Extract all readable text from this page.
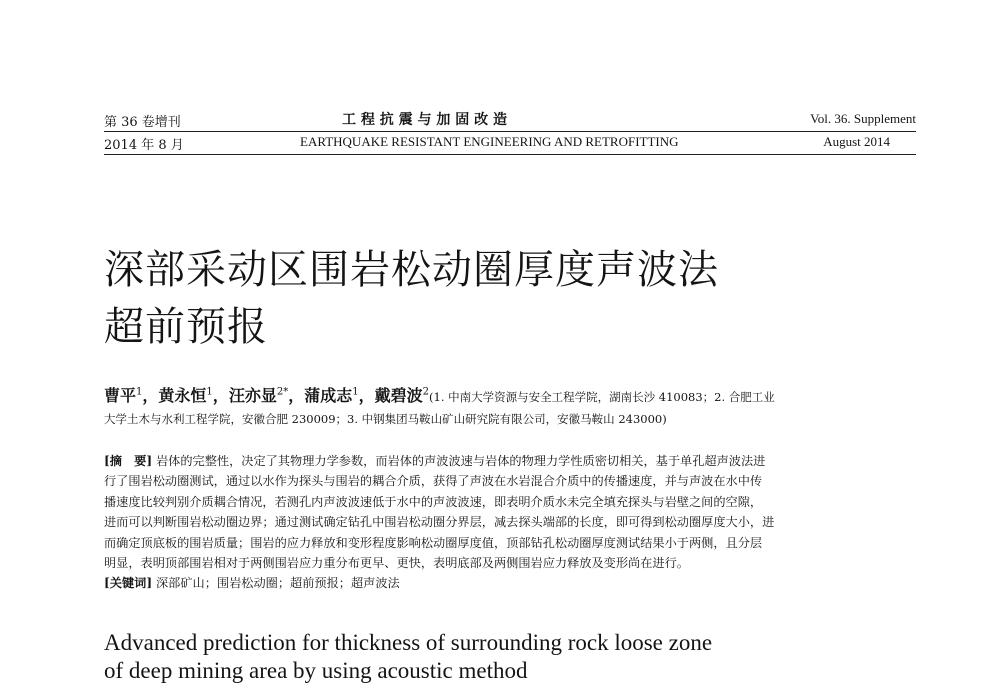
第 36 卷增刊
2014 年 8 月
工 程 抗 震 与 加 固 改 造
EARTHQUAKE RESISTANT ENGINEERING AND RETROFITTING
Vol. 36. Supplement
August 2014
深部采动区围岩松动圈厚度声波法
超前预报
曹平$^1$，黄永恒$^1$，汪亦显$^{2*}$，蒲成志$^1$，戴碧波$^2$(1. 中南大学资源与安全工程学院，湖南长沙 410083；2. 合肥工业
大学土木与水利工程学院，安徽合肥 230009；3. 中钢集团马鞍山矿山研究院有限公司，安徽马鞍山 243000)
[摘　要] 岩体的完整性，决定了其物理力学参数，而岩体的声波波速与岩体的物理力学性质密切相关，基于单孔超声波法进
行了围岩松动圈测试，通过以水作为探头与围岩的耦合介质，获得了声波在水岩混合介质中的传播速度，并与声波在水中传
播速度比较判别介质耦合情况，若测孔内声波波速低于水中的声波波速，即表明介质水未完全填充探头与岩壁之间的空隙，
进而可以判断围岩松动圈边界；通过测试确定钻孔中围岩松动圈分界层，减去探头端部的长度，即可得到松动圈厚度大小，进
而确定顶底板的围岩质量；围岩的应力释放和变形程度影响松动圈厚度值，顶部钻孔松动圈厚度测试结果小于两侧，且分层
明显，表明顶部围岩相对于两侧围岩应力重分布更早、更快，表明底部及两侧围岩应力释放及变形尚在进行。
[关键词] 深部矿山；围岩松动圈；超前预报；超声波法
Advanced prediction for thickness of surrounding rock loose zone
of deep mining area by using acoustic method
